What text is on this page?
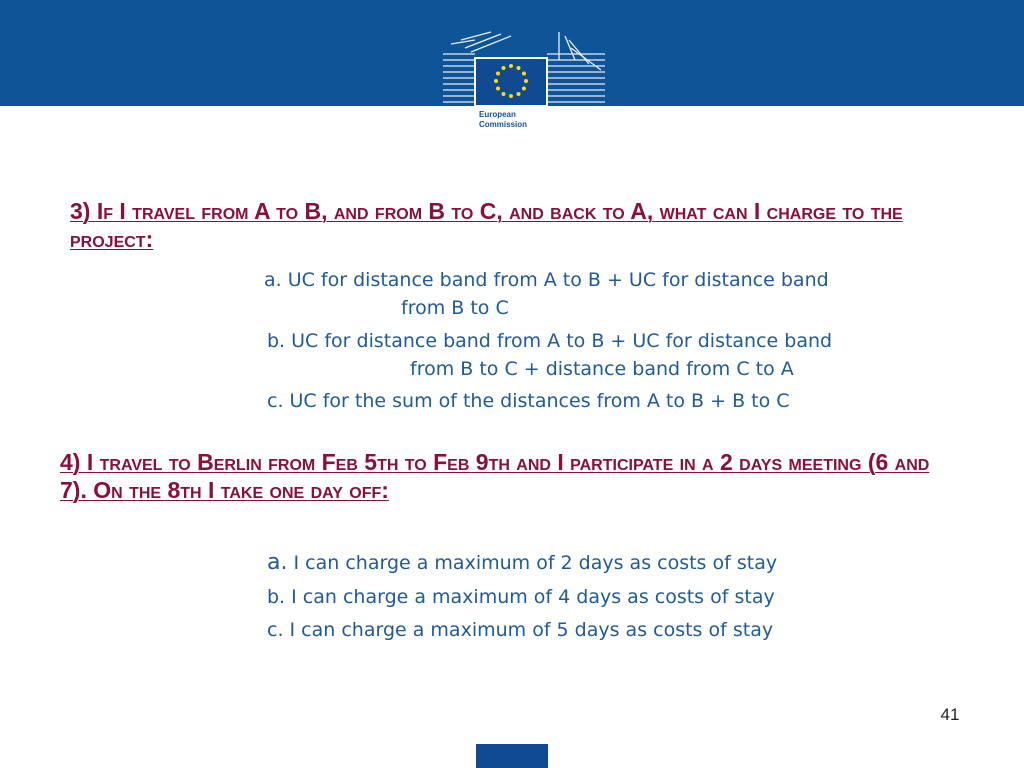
European
Commission

3) If I travel from A to B, and from B to C, and back to A, what can I charge to the project:

a. UC for distance band from A to B + UC for distance band
from B to C

b. UC for distance band from A to B + UC for distance band
from B to C + distance band from C to A

c. UC for the sum of the distances from A to B + B to C

4) I travel to Berlin from Feb 5th to Feb 9th and I participate in a 2 days meeting (6 and 7). On the 8th I take one day off:

a. I can charge a maximum of 2 days as costs of stay

b. I can charge a maximum of 4 days as costs of stay

c. I can charge a maximum of 5 days as costs of stay

41
